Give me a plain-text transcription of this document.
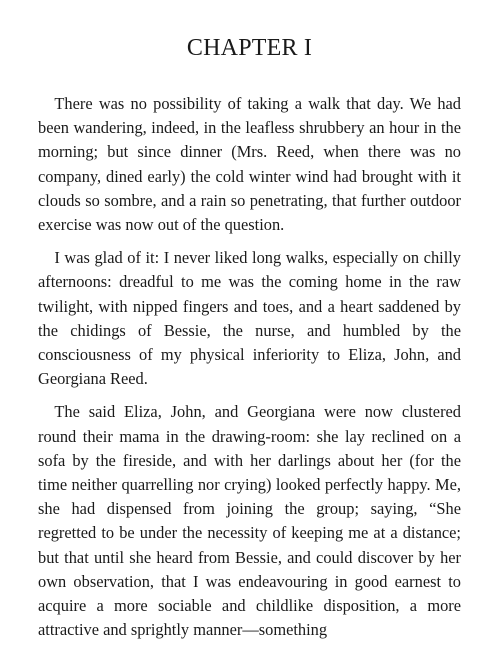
CHAPTER I

There was no possibility of taking a walk that day. We had been wandering, indeed, in the leafless shrubbery an hour in the morning; but since dinner (Mrs. Reed, when there was no company, dined early) the cold winter wind had brought with it clouds so sombre, and a rain so penetrating, that further outdoor exercise was now out of the question.

I was glad of it: I never liked long walks, especially on chilly afternoons: dreadful to me was the coming home in the raw twilight, with nipped fingers and toes, and a heart saddened by the chidings of Bessie, the nurse, and humbled by the consciousness of my physical inferiority to Eliza, John, and Georgiana Reed.

The said Eliza, John, and Georgiana were now clustered round their mama in the drawing-room: she lay reclined on a sofa by the fireside, and with her darlings about her (for the time neither quarrelling nor crying) looked perfectly happy. Me, she had dispensed from joining the group; saying, “She regretted to be under the necessity of keeping me at a distance; but that until she heard from Bessie, and could discover by her own observation, that I was endeavouring in good earnest to acquire a more sociable and childlike disposition, a more attractive and sprightly manner—something
